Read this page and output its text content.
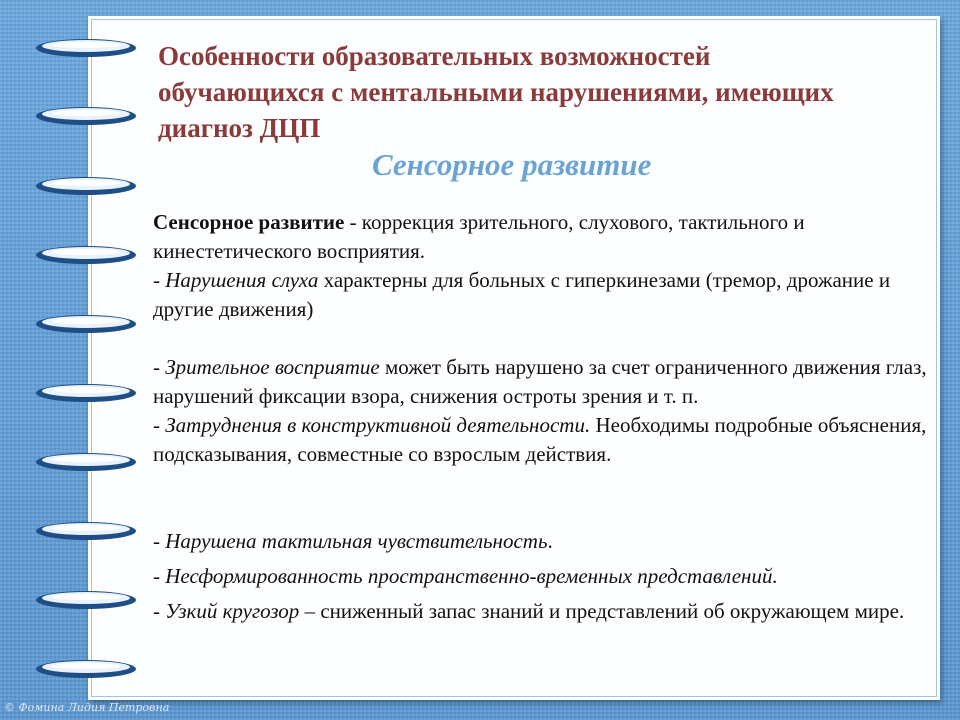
Особенности образовательных возможностей обучающихся с ментальными нарушениями, имеющих диагноз ДЦП
Сенсорное развитие

Сенсорное развитие - коррекция зрительного, слухового, тактильного и кинестетического восприятия.

- Нарушения слуха характерны для больных с гиперкинезами (тремор, дрожание и другие движения)

- Зрительное восприятие может быть нарушено за счет ограниченного движения глаз, нарушений фиксации взора, снижения остроты зрения и т. п.

- Затруднения в конструктивной деятельности. Необходимы подробные объяснения, подсказывания, совместные со взрослым действия.

- Нарушена тактильная чувствительность.

- Несформированность пространственно-временных представлений.

- Узкий кругозор – сниженный запас знаний и представлений об окружающем мире.

© Фомина Лидия Петровна
